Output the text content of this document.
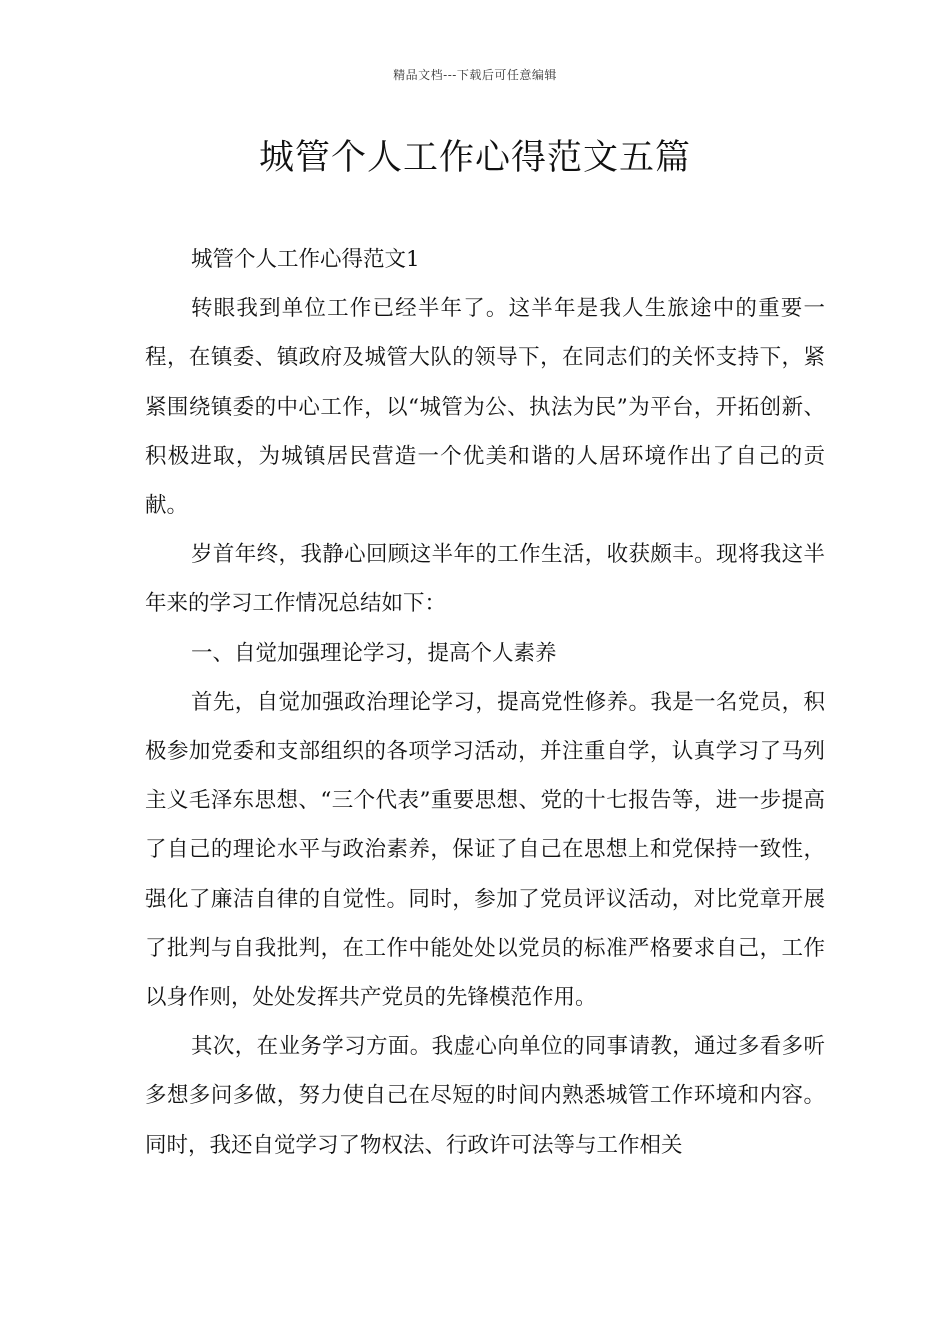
精品文档---下载后可任意编辑
城管个人工作心得范文五篇

城管个人工作心得范文1

转眼我到单位工作已经半年了。这半年是我人生旅途中的重要一程，在镇委、镇政府及城管大队的领导下，在同志们的关怀支持下，紧紧围绕镇委的中心工作，以“城管为公、执法为民”为平台，开拓创新、积极进取，为城镇居民营造一个优美和谐的人居环境作出了自己的贡献。

岁首年终，我静心回顾这半年的工作生活，收获颇丰。现将我这半年来的学习工作情况总结如下：

一、自觉加强理论学习，提高个人素养

首先，自觉加强政治理论学习，提高党性修养。我是一名党员，积极参加党委和支部组织的各项学习活动，并注重自学，认真学习了马列主义毛泽东思想、“三个代表”重要思想、党的十七报告等，进一步提高了自己的理论水平与政治素养，保证了自己在思想上和党保持一致性，强化了廉洁自律的自觉性。同时，参加了党员评议活动，对比党章开展了批判与自我批判，在工作中能处处以党员的标准严格要求自己，工作以身作则，处处发挥共产党员的先锋模范作用。

其次，在业务学习方面。我虚心向单位的同事请教，通过多看多听多想多问多做，努力使自己在尽短的时间内熟悉城管工作环境和内容。同时，我还自觉学习了物权法、行政许可法等与工作相关
